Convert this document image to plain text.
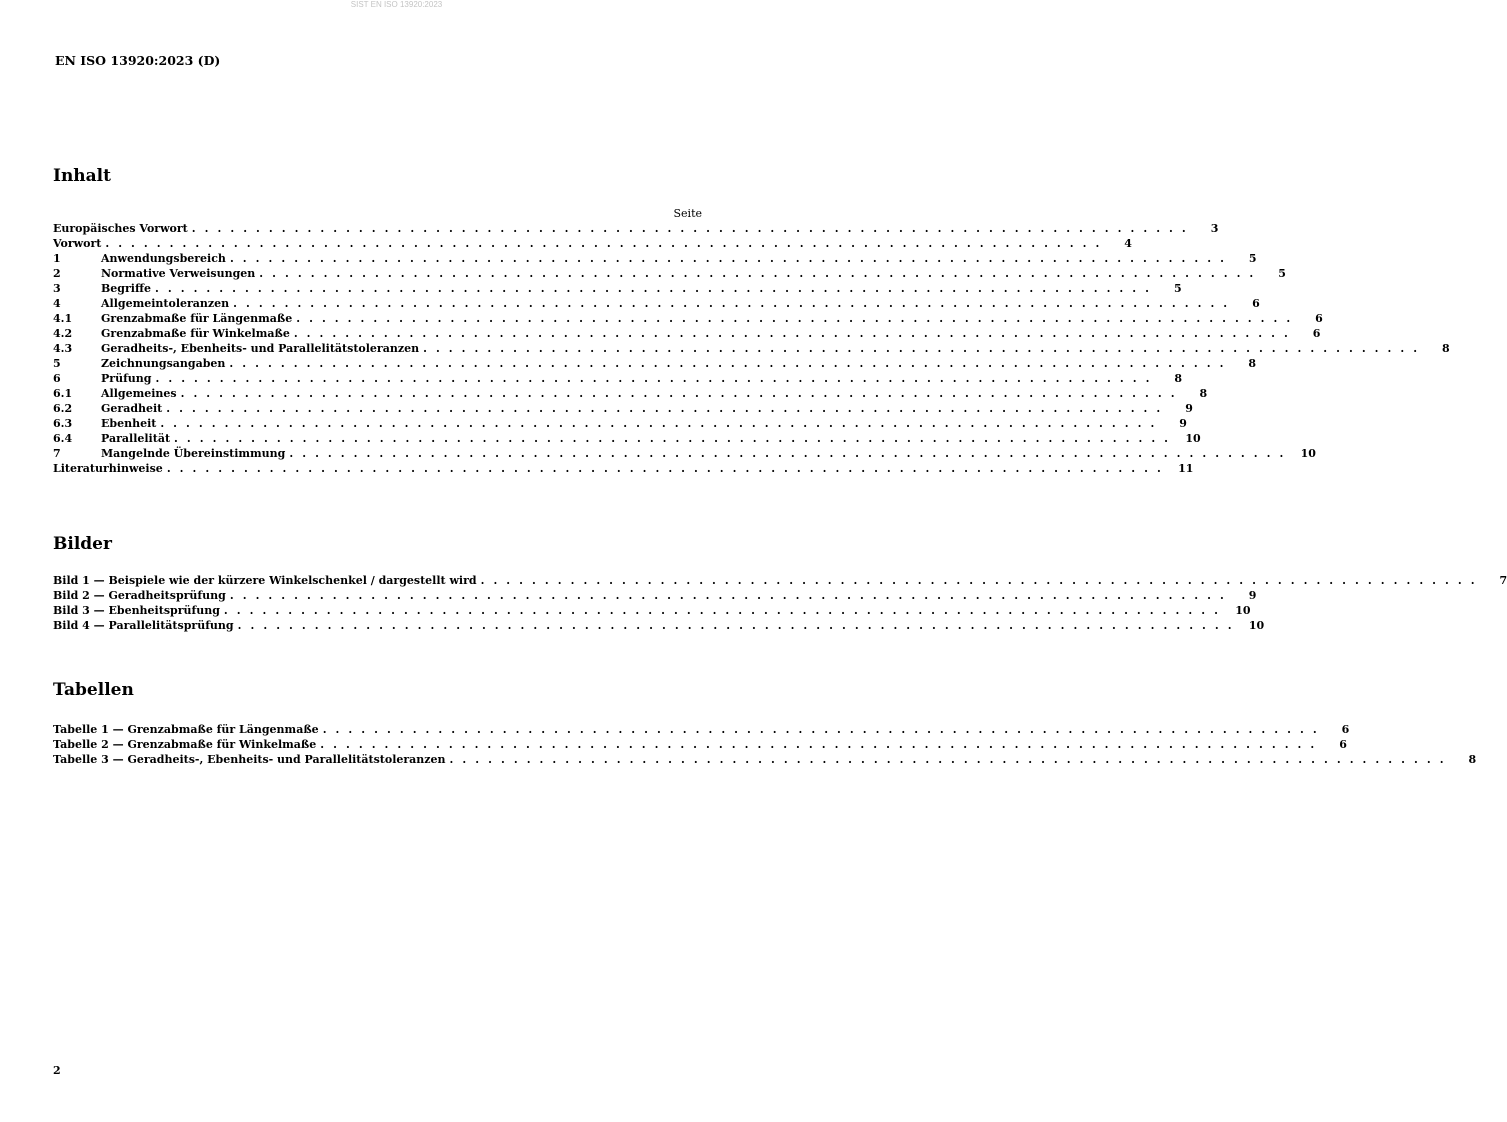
SIST EN ISO 13920:2023
EN ISO 13920:2023 (D)
Inhalt
Seite
Europäisches Vorwort . . . . . . . . . . . . . . . . . . . . . . . . . . . . . . . . . . . . . . . . . . . . . . . . . . . . . . . . . . . . . . . . . . . . . . . . . . . . . .	3
Vorwort . . . . . . . . . . . . . . . . . . . . . . . . . . . . . . . . . . . . . . . . . . . . . . . . . . . . . . . . . . . . . . . . . . . . . . . . . . . . . .	4
1	Anwendungsbereich . . . . . . . . . . . . . . . . . . . . . . . . . . . . . . . . . . . . . . . . . . . . . . . . . . . . . . . . . . . . . . . . . . . . . . . . . . . . . .	5
2	Normative Verweisungen . . . . . . . . . . . . . . . . . . . . . . . . . . . . . . . . . . . . . . . . . . . . . . . . . . . . . . . . . . . . . . . . . . . . . . . . . . . . . .	5
3	Begriffe . . . . . . . . . . . . . . . . . . . . . . . . . . . . . . . . . . . . . . . . . . . . . . . . . . . . . . . . . . . . . . . . . . . . . . . . . . . . . .	5
4	Allgemeintoleranzen . . . . . . . . . . . . . . . . . . . . . . . . . . . . . . . . . . . . . . . . . . . . . . . . . . . . . . . . . . . . . . . . . . . . . . . . . . . . . .	6
4.1	Grenzabmaße für Längenmaße . . . . . . . . . . . . . . . . . . . . . . . . . . . . . . . . . . . . . . . . . . . . . . . . . . . . . . . . . . . . . . . . . . . . . . . . . . . . . .	6
4.2	Grenzabmaße für Winkelmaße . . . . . . . . . . . . . . . . . . . . . . . . . . . . . . . . . . . . . . . . . . . . . . . . . . . . . . . . . . . . . . . . . . . . . . . . . . . . . .	6
4.3	Geradheits-, Ebenheits- und Parallelitätstoleranzen . . . . . . . . . . . . . . . . . . . . . . . . . . . . . . . . . . . . . . . . . . . . . . . . . . . . . . . . . . . . . . . . . . . . . . . . . . . . . .	8
5	Zeichnungsangaben . . . . . . . . . . . . . . . . . . . . . . . . . . . . . . . . . . . . . . . . . . . . . . . . . . . . . . . . . . . . . . . . . . . . . . . . . . . . . .	8
6	Prüfung . . . . . . . . . . . . . . . . . . . . . . . . . . . . . . . . . . . . . . . . . . . . . . . . . . . . . . . . . . . . . . . . . . . . . . . . . . . . . .	8
6.1	Allgemeines . . . . . . . . . . . . . . . . . . . . . . . . . . . . . . . . . . . . . . . . . . . . . . . . . . . . . . . . . . . . . . . . . . . . . . . . . . . . . .	8
6.2	Geradheit . . . . . . . . . . . . . . . . . . . . . . . . . . . . . . . . . . . . . . . . . . . . . . . . . . . . . . . . . . . . . . . . . . . . . . . . . . . . . .	9
6.3	Ebenheit . . . . . . . . . . . . . . . . . . . . . . . . . . . . . . . . . . . . . . . . . . . . . . . . . . . . . . . . . . . . . . . . . . . . . . . . . . . . . .	9
6.4	Parallelität . . . . . . . . . . . . . . . . . . . . . . . . . . . . . . . . . . . . . . . . . . . . . . . . . . . . . . . . . . . . . . . . . . . . . . . . . . . . . .	10
7	Mangelnde Übereinstimmung . . . . . . . . . . . . . . . . . . . . . . . . . . . . . . . . . . . . . . . . . . . . . . . . . . . . . . . . . . . . . . . . . . . . . . . . . . . . . .	10
Literaturhinweise . . . . . . . . . . . . . . . . . . . . . . . . . . . . . . . . . . . . . . . . . . . . . . . . . . . . . . . . . . . . . . . . . . . . . . . . . . . . . .	11
Bilder
Bild 1 — Beispiele wie der kürzere Winkelschenkel / dargestellt wird . . . . . . . . . . . . . . . . . . . . . . . . . . . . . . . . . . . . . . . . . . . . . . . . . . . . . . . . . . . . . . . . . . . . . . . . . . . . . .	7
Bild 2 — Geradheitsprüfung . . . . . . . . . . . . . . . . . . . . . . . . . . . . . . . . . . . . . . . . . . . . . . . . . . . . . . . . . . . . . . . . . . . . . . . . . . . . . .	9
Bild 3 — Ebenheitsprüfung . . . . . . . . . . . . . . . . . . . . . . . . . . . . . . . . . . . . . . . . . . . . . . . . . . . . . . . . . . . . . . . . . . . . . . . . . . . . . .	10
Bild 4 — Parallelitätsprüfung . . . . . . . . . . . . . . . . . . . . . . . . . . . . . . . . . . . . . . . . . . . . . . . . . . . . . . . . . . . . . . . . . . . . . . . . . . . . . .	10
Tabellen
Tabelle 1 — Grenzabmaße für Längenmaße . . . . . . . . . . . . . . . . . . . . . . . . . . . . . . . . . . . . . . . . . . . . . . . . . . . . . . . . . . . . . . . . . . . . . . . . . . . . . .	6
Tabelle 2 — Grenzabmaße für Winkelmaße . . . . . . . . . . . . . . . . . . . . . . . . . . . . . . . . . . . . . . . . . . . . . . . . . . . . . . . . . . . . . . . . . . . . . . . . . . . . . .	6
Tabelle 3 — Geradheits-, Ebenheits- und Parallelitätstoleranzen . . . . . . . . . . . . . . . . . . . . . . . . . . . . . . . . . . . . . . . . . . . . . . . . . . . . . . . . . . . . . . . . . . . . . . . . . . . . . .	8
2
